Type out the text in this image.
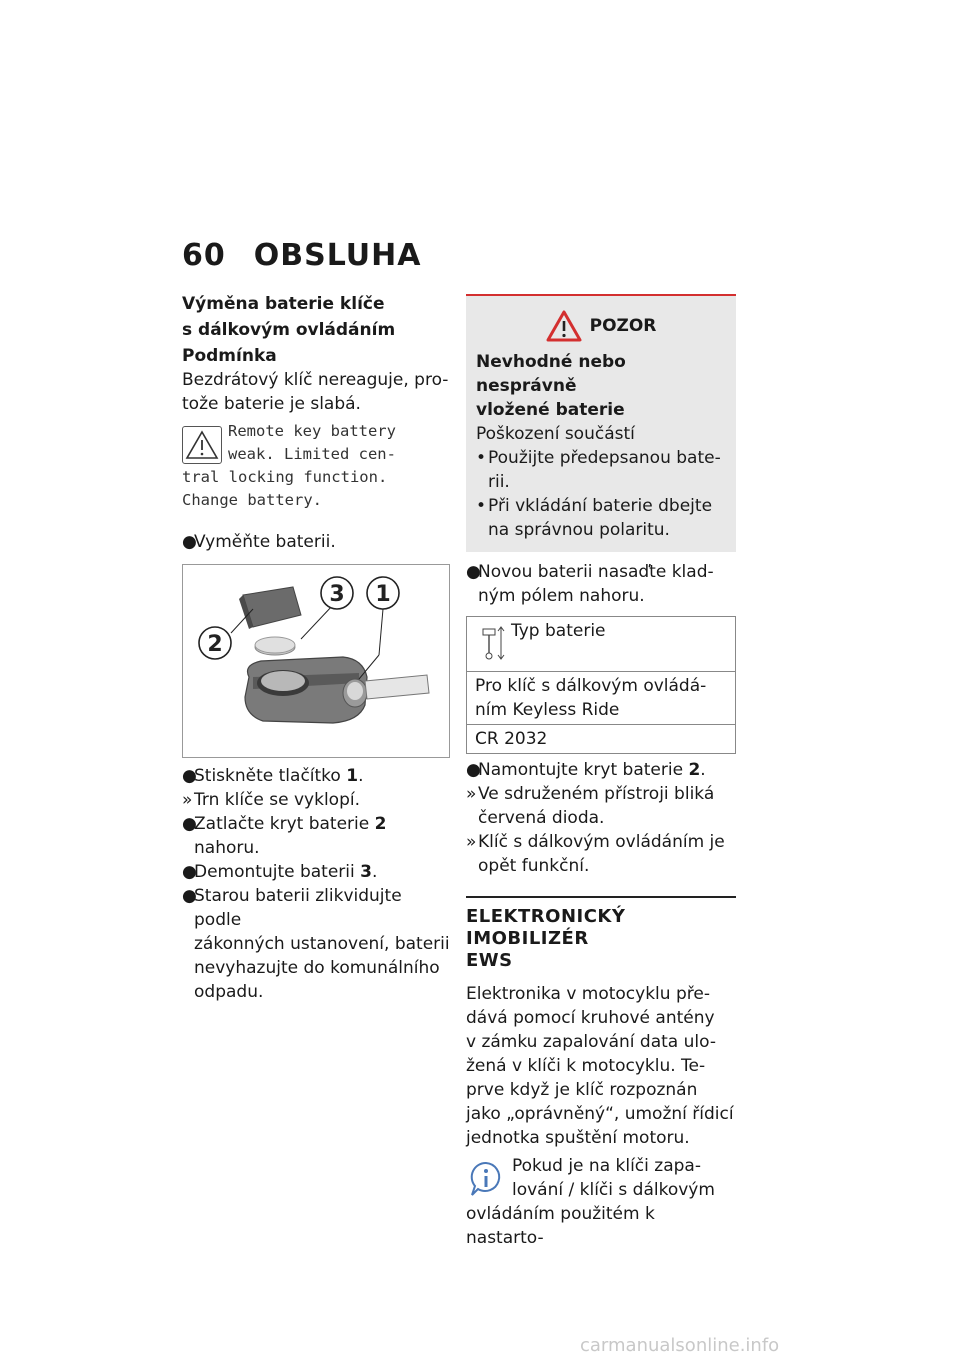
60 OBSLUHA
Výměna baterie klíče
s dálkovým ovládáním
Podmínka
Bezdrátový klíč nereaguje, pro-
tože baterie je slabá.
Remote key battery
weak. Limited cen-
tral locking function.
Change battery.
●
Vyměňte baterii.
3 1
2
●
Stiskněte tlačítko 1.
» Trn klíče se vyklopí.
●
Zatlačte kryt baterie 2 nahoru.
●
Demontujte baterii 3.
●
Starou baterii zlikvidujte podle
zákonných ustanovení, baterii
nevyhazujte do komunálního
odpadu.
POZOR
Nevhodné nebo nesprávně
vložené baterie
Poškození součástí
• Použijte předepsanou bate-
rii.
• Při vkládání baterie dbejte
na správnou polaritu.
●
Novou baterii nasaďte klad-
ným pólem nahoru.
Typ baterie

Pro klíč s dálkovým ovládá-
ním Keyless Ride

CR 2032
●
Namontujte kryt baterie 2.
» Ve sdruženém přístroji bliká
červená dioda.
» Klíč s dálkovým ovládáním je
opět funkční.
ELEKTRONICKÝ IMOBILIZÉR
EWS
Elektronika v motocyklu pře-
dává pomocí kruhové antény
v zámku zapalování data ulo-
žená v klíči k motocyklu. Te-
prve když je klíč rozpoznán
jako „oprávněný“, umožní řídicí
jednotka spuštění motoru.
Pokud je na klíči zapa-
lování / klíči s dálkovým
ovládáním použitém k nastarto-
carmanualsonline.info
